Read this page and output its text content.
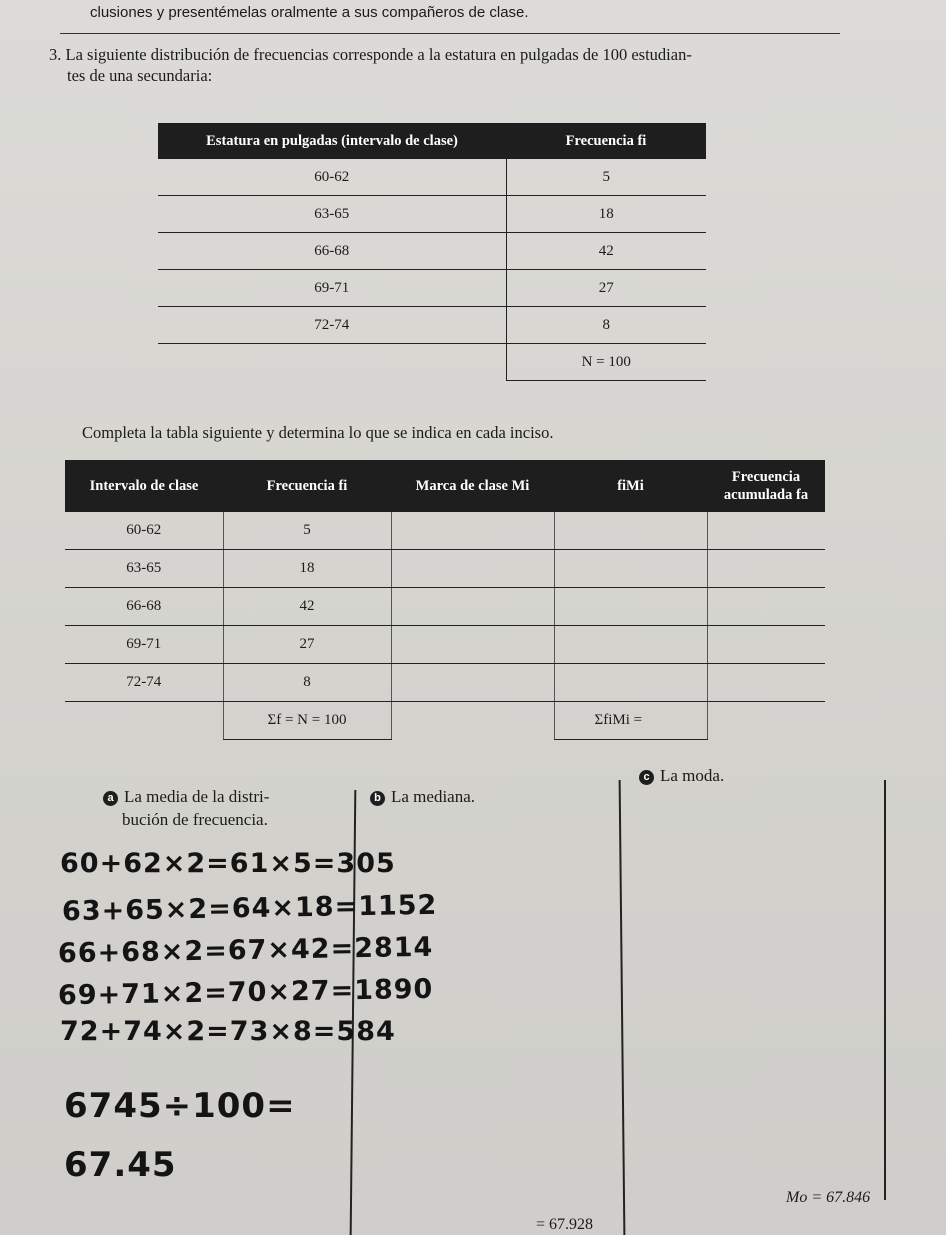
clusiones y presentémelas oralmente a sus compañeros de clase.
3. La siguiente distribución de frecuencias corresponde a la estatura en pulgadas de 100 estudian-
tes de una secundaria:
Estatura en pulgadas (intervalo de clase)	Frecuencia fi
60-62	5
63-65	18
66-68	42
69-71	27
72-74	8
	N = 100
Completa la tabla siguiente y determina lo que se indica en cada inciso.
Intervalo de clase	Frecuencia fi	Marca de clase Mi	fiMi	Frecuencia acumulada fa
60-62	5			
63-65	18			
66-68	42			
69-71	27			
72-74	8			
	Σf = N = 100		ΣfiMi =	
a La media de la distri-
bución de frecuencia.
b La mediana.
c La moda.
60+62×2=61×5=305
63+65×2=64×18=1152
66+68×2=67×42=2814
69+71×2=70×27=1890
72+74×2=73×8=584
6745÷100=
67.45
Mo = 67.846
= 67.928
